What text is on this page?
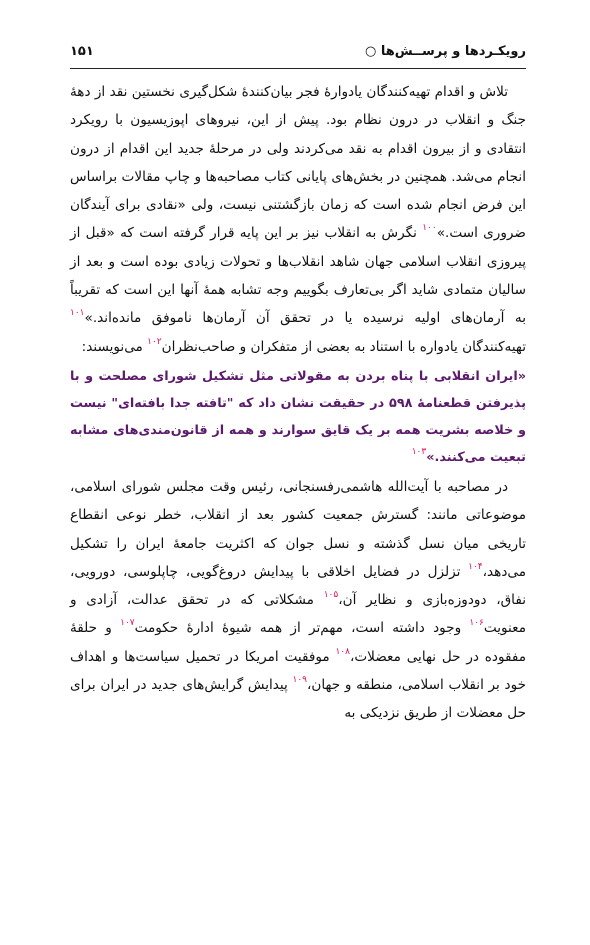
رویکـردها و پرســش‌ها ○
۱۵۱

تلاش و اقدام تهیه‌کنندگان یادوارهٔ فجر بیان‌کنندهٔ شکل‌گیری نخستین نقد از دههٔ جنگ و انقلاب در درون نظام بود. پیش از این، نیروهای اپوزیسیون با رویکرد انتقادی و از بیرون اقدام به نقد می‌کردند ولی در مرحلهٔ جدید این اقدام از درون انجام می‌شد. همچنین در بخش‌های پایانی کتاب مصاحبه‌ها و چاپ مقالات براساس این فرض انجام شده است که زمان بازگشتنی نیست، ولی «نقادی برای آیندگان ضروری است.»$^{۱۰۰}$ نگرش به انقلاب نیز بر این پایه قرار گرفته است که «قبل از پیروزی انقلاب اسلامی جهان شاهد انقلاب‌ها و تحولات زیادی بوده است و بعد از سالیان متمادی شاید اگر بی‌تعارف بگوییم وجه تشابه همهٔ آنها این است که تقریباً به آرمان‌های اولیه نرسیده یا در تحقق آن آرمان‌ها ناموفق مانده‌اند.»$^{۱۰۱}$ تهیه‌کنندگان یادواره با استناد به بعضی از متفکران و صاحب‌نظران$^{۱۰۲}$ می‌نویسند:

«ایران انقلابی با پناه بردن به مقولاتی مثل تشکیل شورای مصلحت و با پذیرفتن قطعنامهٔ ۵۹۸ در حقیقت نشان داد که "تافته جدا بافته‌ای" نیست و خلاصه بشریت همه بر یک قایق سوارند و همه از قانون‌مندی‌های مشابه تبعیت می‌کنند.»$^{۱۰۳}$

در مصاحبه با آیت‌الله هاشمی‌رفسنجانی، رئیس وقت مجلس شورای اسلامی، موضوعاتی مانند: گسترش جمعیت کشور بعد از انقلاب، خطر نوعی انقطاع تاریخی میان نسل گذشته و نسل جوان که اکثریت جامعهٔ ایران را تشکیل می‌دهد،$^{۱۰۴}$ تزلزل در فضایل اخلاقی با پیدایش دروغ‌گویی، چاپلوسی، دورویی، نفاق، دودوزه‌بازی و نظایر آن،$^{۱۰۵}$ مشکلاتی که در تحقق عدالت، آزادی و معنویت$^{۱۰۶}$ وجود داشته است، مهم‌تر از همه شیوهٔ ادارهٔ حکومت$^{۱۰۷}$ و حلقهٔ مفقوده در حل نهایی معضلات،$^{۱۰۸}$ موفقیت امریکا در تحمیل سیاست‌ها و اهداف خود بر انقلاب اسلامی، منطقه و جهان،$^{۱۰۹}$ پیدایش گرایش‌های جدید در ایران برای حل معضلات از طریق نزدیکی به
